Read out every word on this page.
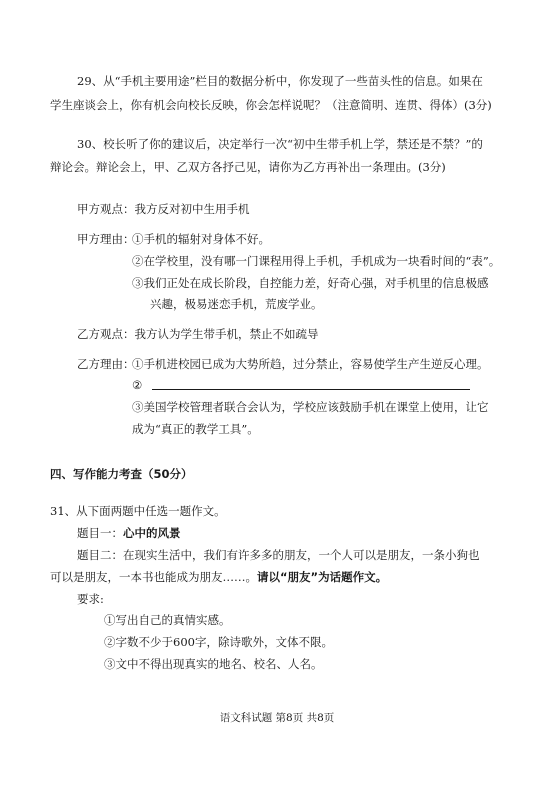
29、从“手机主要用途”栏目的数据分析中，你发现了一些苗头性的信息。如果在
学生座谈会上，你有机会向校长反映，你会怎样说呢？（注意简明、连贯、得体）(3分)
30、校长听了你的建议后，决定举行一次“初中生带手机上学，禁还是不禁？”的
辩论会。辩论会上，甲、乙双方各抒己见，请你为乙方再补出一条理由。(3分)
甲方观点：我方反对初中生用手机
甲方理由：
①手机的辐射对身体不好。
②在学校里，没有哪一门课程用得上手机，手机成为一块看时间的“表”。
③我们正处在成长阶段，自控能力差，好奇心强，对手机里的信息极感
兴趣，极易迷恋手机，荒废学业。
乙方观点：我方认为学生带手机，禁止不如疏导
乙方理由：
①手机进校园已成为大势所趋，过分禁止，容易使学生产生逆反心理。
②
③美国学校管理者联合会认为，学校应该鼓励手机在课堂上使用，让它
成为“真正的教学工具”。
四、写作能力考查（50分）
31、从下面两题中任选一题作文。
题目一：心中的风景
题目二：在现实生活中，我们有许多多的朋友，一个人可以是朋友，一条小狗也
可以是朋友，一本书也能成为朋友……。请以“朋友”为话题作文。
要求:
①写出自己的真情实感。
②字数不少于600字，除诗歌外，文体不限。
③文中不得出现真实的地名、校名、人名。
语文科试题 第8页 共8页
